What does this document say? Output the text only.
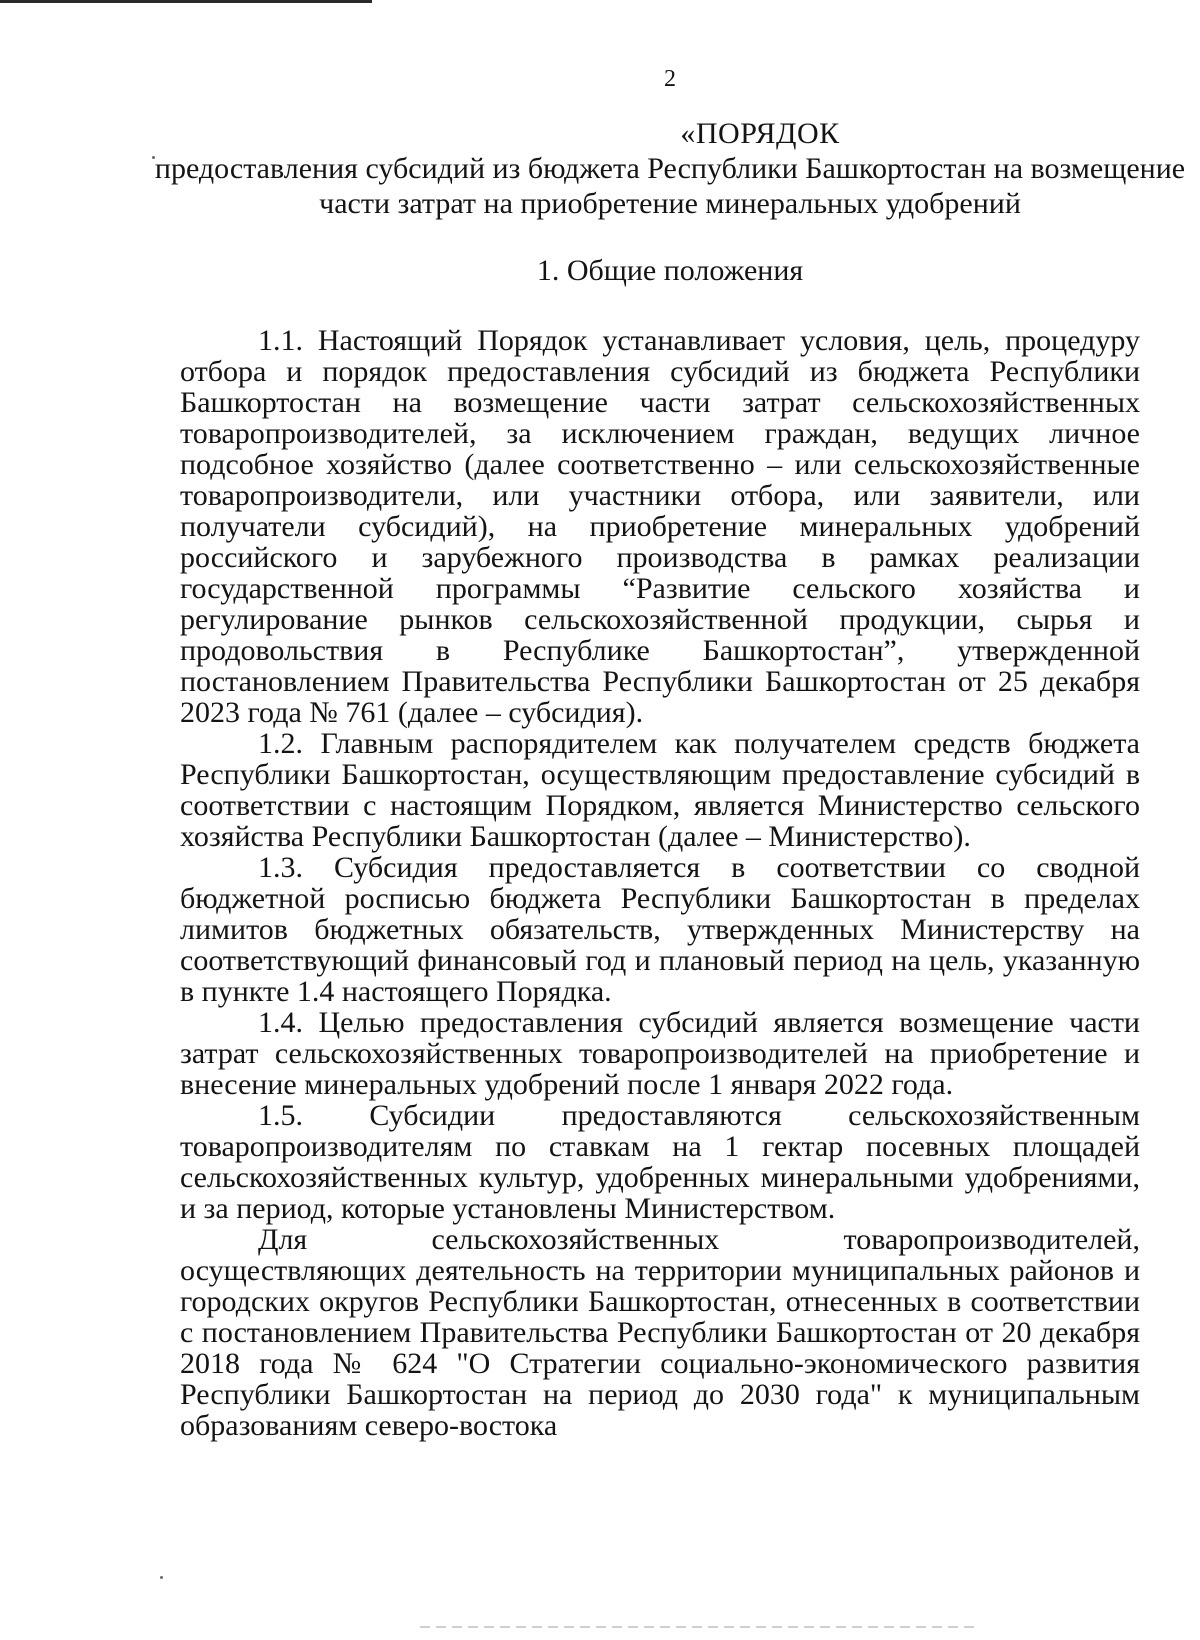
2
«ПОРЯДОК
предоставления субсидий из бюджета Республики Башкортостан на возмещение части затрат на приобретение минеральных удобрений
1. Общие положения

1.1. Настоящий Порядок устанавливает условия, цель, процедуру отбора и порядок предоставления субсидий из бюджета Республики Башкортостан на возмещение части затрат сельскохозяйственных товаропроизводителей, за исключением граждан, ведущих личное подсобное хозяйство (далее соответственно – или сельскохозяйственные товаропроизводители, или участники отбора, или заявители, или получатели субсидий), на приобретение минеральных удобрений российского и зарубежного производства в рамках реализации государственной программы “Развитие сельского хозяйства и регулирование рынков сельскохозяйственной продукции, сырья и продовольствия в Республике Башкортостан”, утвержденной постановлением Правительства Республики Башкортостан от 25 декабря 2023 года № 761 (далее – субсидия).

1.2. Главным распорядителем как получателем средств бюджета Республики Башкортостан, осуществляющим предоставление субсидий в соответствии с настоящим Порядком, является Министерство сельского хозяйства Республики Башкортостан (далее – Министерство).

1.3. Субсидия предоставляется в соответствии со сводной бюджетной росписью бюджета Республики Башкортостан в пределах лимитов бюджетных обязательств, утвержденных Министерству на соответствующий финансовый год и плановый период на цель, указанную в пункте 1.4 настоящего Порядка.

1.4. Целью предоставления субсидий является возмещение части затрат сельскохозяйственных товаропроизводителей на приобретение и внесение минеральных удобрений после 1 января 2022 года.

1.5. Субсидии предоставляются сельскохозяйственным товаропроизводителям по ставкам на 1 гектар посевных площадей сельскохозяйственных культур, удобренных минеральными удобрениями, и за период, которые установлены Министерством.

Для сельскохозяйственных товаропроизводителей, осуществляющих деятельность на территории муниципальных районов и городских округов Республики Башкортостан, отнесенных в соответствии с постановлением Правительства Республики Башкортостан от 20 декабря 2018 года № 624 "О Стратегии социально-экономического развития Республики Башкортостан на период до 2030 года" к муниципальным образованиям северо-востока
